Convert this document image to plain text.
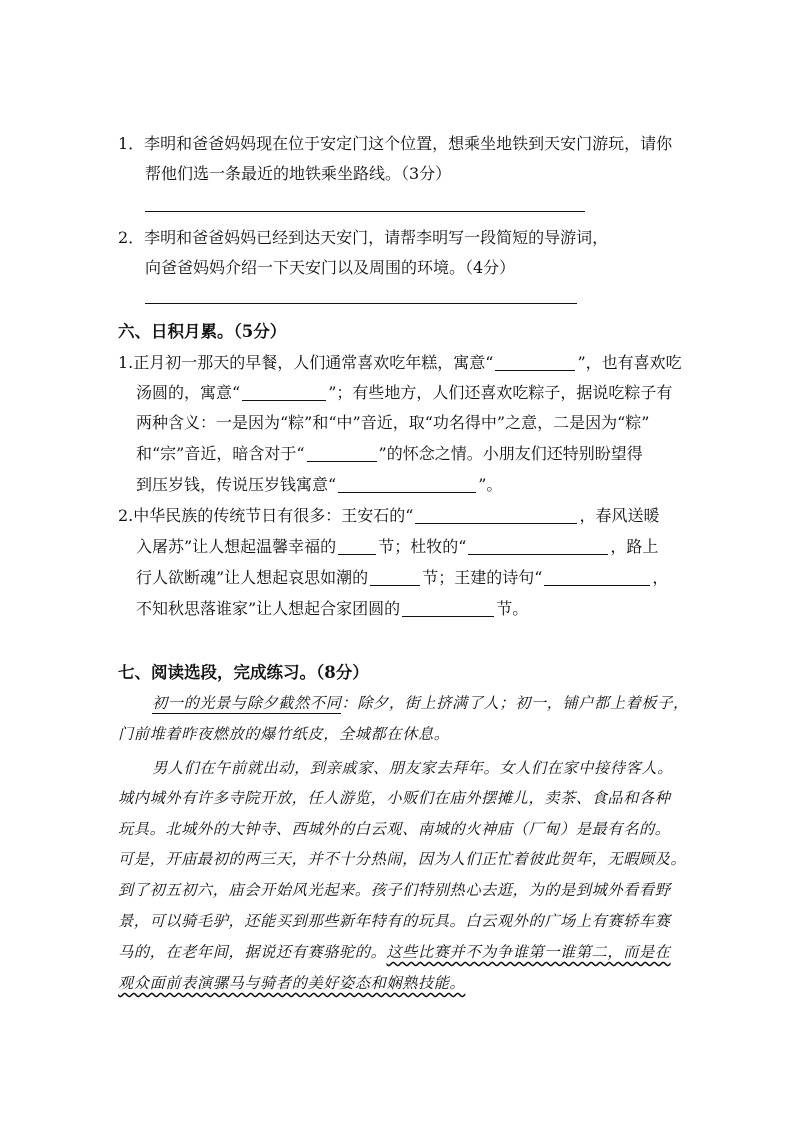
1．李明和爸爸妈妈现在位于安定门这个位置，想乘坐地铁到天安门游玩，请你
帮他们选一条最近的地铁乘坐路线。（3分）
2．李明和爸爸妈妈已经到达天安门，请帮李明写一段简短的导游词，
向爸爸妈妈介绍一下天安门以及周围的环境。（4分）
六、日积月累。（5分）
1.正月初一那天的早餐，人们通常喜欢吃年糕，寓意“	”，也有喜欢吃
汤圆的，寓意“	”；有些地方，人们还喜欢吃粽子，据说吃粽子有
两种含义：一是因为“粽”和“中”音近，取“功名得中”之意，二是因为“粽”
和“宗”音近，暗含对于“	”的怀念之情。小朋友们还特别盼望得
到压岁钱，传说压岁钱寓意“	”。
2.中华民族的传统节日有很多：王安石的“	，春风送暖
入屠苏”让人想起温馨幸福的	节；杜牧的“	，路上
行人欲断魂”让人想起哀思如潮的	节；王建的诗句“	，
不知秋思落谁家”让人想起合家团圆的	节。
七、阅读选段，完成练习。（8分）
初一的光景与除夕截然不同：除夕，街上挤满了人；初一，铺户都上着板子，
门前堆着昨夜燃放的爆竹纸皮，全城都在休息。
男人们在午前就出动，到亲戚家、朋友家去拜年。女人们在家中接待客人。
城内城外有许多寺院开放，任人游览，小贩们在庙外摆摊儿，卖茶、食品和各种
玩具。北城外的大钟寺、西城外的白云观、南城的火神庙（厂甸）是最有名的。
可是，开庙最初的两三天，并不十分热闹，因为人们正忙着彼此贺年，无暇顾及。
到了初五初六，庙会开始风光起来。孩子们特别热心去逛，为的是到城外看看野
景，可以骑毛驴，还能买到那些新年特有的玩具。白云观外的广场上有赛轿车赛
马的，在老年间，据说还有赛骆驼的。这些比赛并不为争谁第一谁第二，而是在
观众面前表演骡马与骑者的美好姿态和娴熟技能。
